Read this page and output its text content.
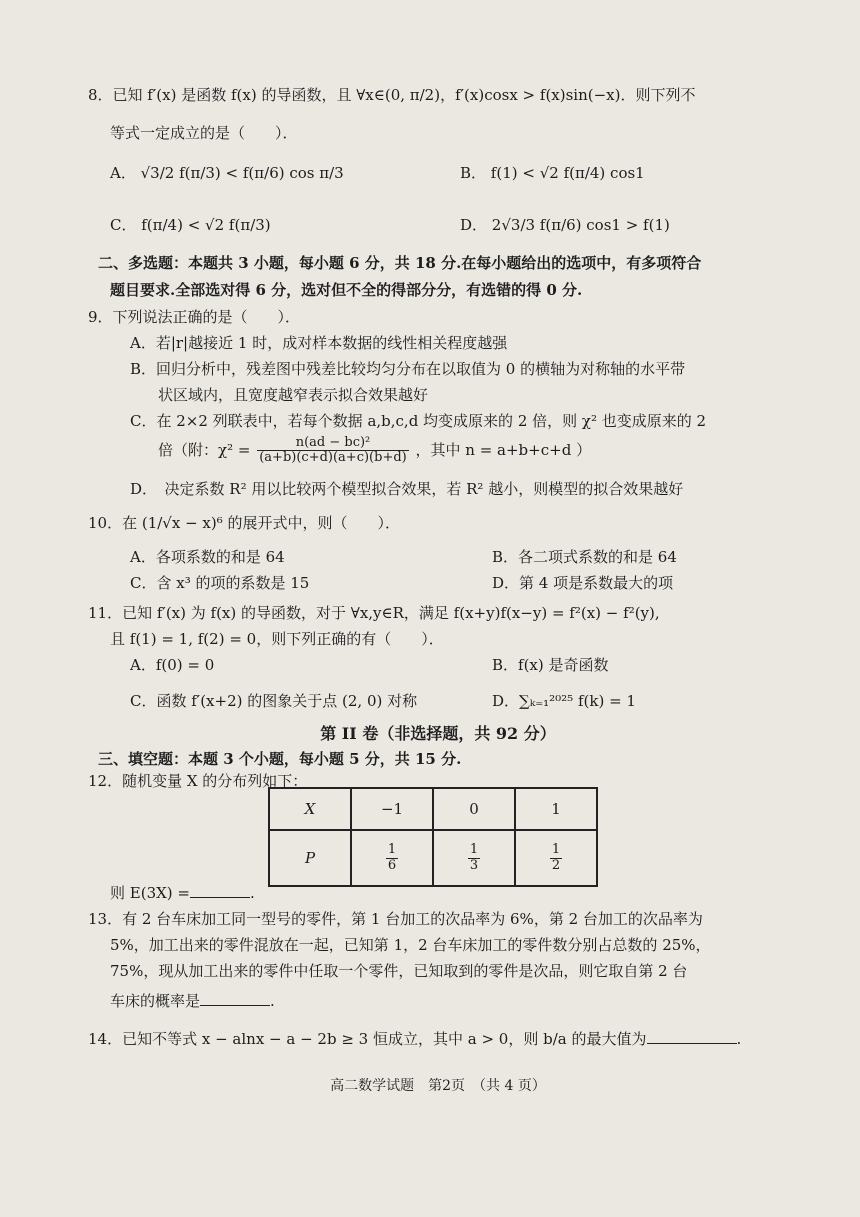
8．已知 f′(x) 是函数 f(x) 的导函数，且 ∀x∈(0, π/2)，f′(x)cosx > f(x)sin(−x)．则下列不
等式一定成立的是（　　）．
A． √3/2 f(π/3) < f(π/6) cos π/3	B． f(1) < √2 f(π/4) cos1
C． f(π/4) < √2 f(π/3)	D． 2√3/3 f(π/6) cos1 > f(1)
二、多选题：本题共 3 小题，每小题 6 分，共 18 分.在每小题给出的选项中，有多项符合
题目要求.全部选对得 6 分，选对但不全的得部分分，有选错的得 0 分.
9．下列说法正确的是（　　）．
A．若|r|越接近 1 时，成对样本数据的线性相关程度越强
B．回归分析中，残差图中残差比较均匀分布在以取值为 0 的横轴为对称轴的水平带
状区域内，且宽度越窄表示拟合效果越好
C．在 2×2 列联表中，若每个数据 a,b,c,d 均变成原来的 2 倍，则 χ² 也变成原来的 2
倍（附：$\chi^2 = \frac{\text{n(ad − bc)²}}{(a+b)(c+d)(a+c)(b+d)}$ ，其中 n = a+b+c+d ）
D．　决定系数 R² 用以比较两个模型拟合效果，若 R² 越小，则模型的拟合效果越好
10．在 (1/√x − x)⁶ 的展开式中，则（　　）．
A．各项系数的和是 64	B．各二项式系数的和是 64
C．含 x³ 的项的系数是 15	D．第 4 项是系数最大的项
11．已知 f′(x) 为 f(x) 的导函数，对于 ∀x,y∈R，满足 f(x+y)f(x−y) = f²(x) − f²(y),
且 f(1) = 1, f(2) = 0，则下列正确的有（　　）．
A．f(0) = 0	B．f(x) 是奇函数
C．函数 f′(x+2) 的图象关于点 (2, 0) 对称	D．∑ₖ₌₁²⁰²⁵ f(k) = 1
第 II 卷（非选择题，共 92 分）
三、填空题：本题 3 个小题，每小题 5 分，共 15 分.
12．随机变量 X 的分布列如下：
X	−1	0	1
P	$\frac{1}{6}$	$\frac{1}{3}$	$\frac{1}{2}$
则 E(3X) =	.
13．有 2 台车床加工同一型号的零件，第 1 台加工的次品率为 6%，第 2 台加工的次品率为
5%，加工出来的零件混放在一起，已知第 1，2 台车床加工的零件数分别占总数的 25%，
75%，现从加工出来的零件中任取一个零件，已知取到的零件是次品，则它取自第 2 台
车床的概率是	.
14．已知不等式 x − alnx − a − 2b ≥ 3 恒成立，其中 a > 0，则 b/a 的最大值为	.
高二数学试题　第2页　（共 4 页）
